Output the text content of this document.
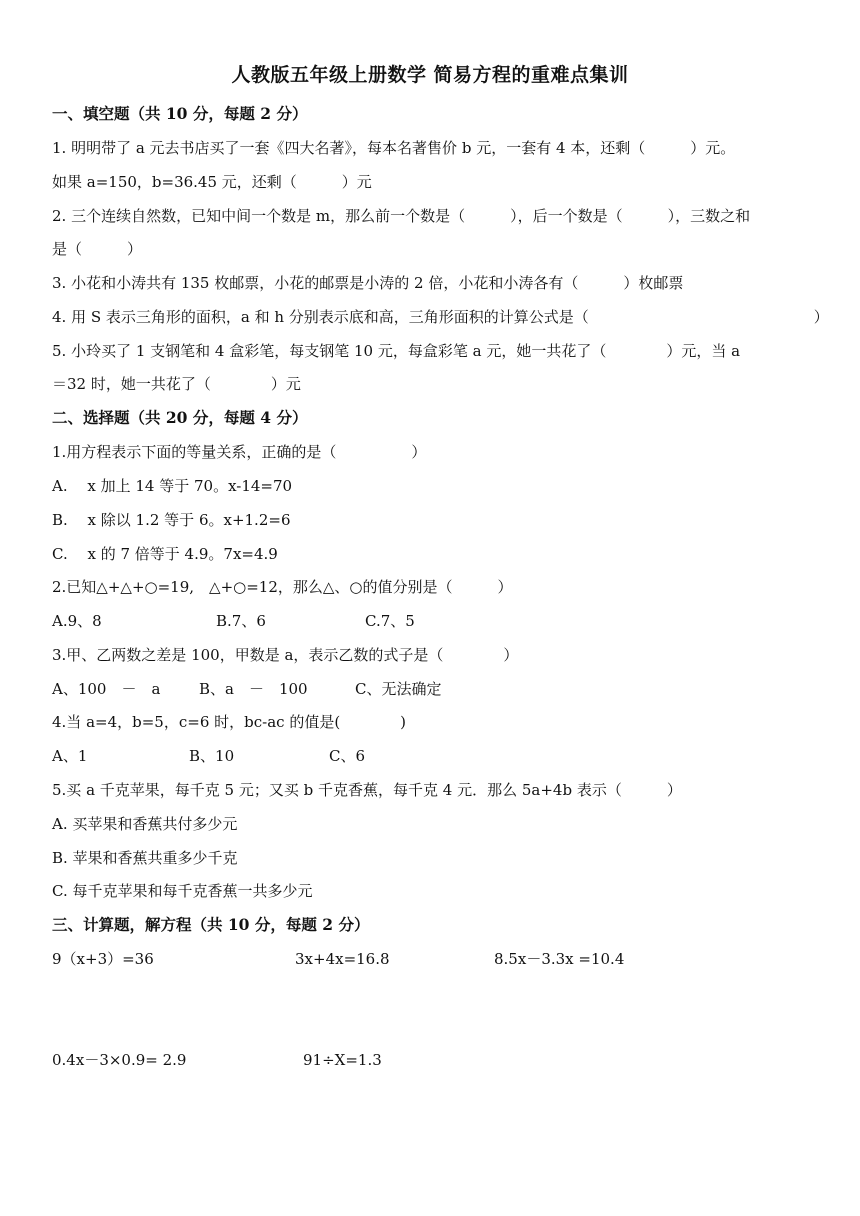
人教版五年级上册数学 简易方程的重难点集训
一、填空题（共 10 分，每题 2 分）
1. 明明带了 a 元去书店买了一套《四大名著》，每本名著售价 b 元，一套有 4 本，还剩（　　　）元。
如果 a=150，b=36.45 元，还剩（　　　）元
2. 三个连续自然数，已知中间一个数是 m，那么前一个数是（　　　），后一个数是（　　　），三数之和
是（　　　）
3. 小花和小涛共有 135 枚邮票，小花的邮票是小涛的 2 倍，小花和小涛各有（　　　）枚邮票
4. 用 S 表示三角形的面积，a 和 h 分别表示底和高，三角形面积的计算公式是（　　　　　　　　　　　　　　　）
5. 小玲买了 1 支钢笔和 4 盒彩笔，每支钢笔 10 元，每盒彩笔 a 元，她一共花了（　　　　）元，当 a
＝32 时，她一共花了（　　　　）元
二、选择题（共 20 分，每题 4 分）
1.用方程表示下面的等量关系，正确的是（　　　　　）
A.　 x 加上 14 等于 70。x-14=70
B.　 x 除以 1.2 等于 6。x+1.2=6
C.　 x 的 7 倍等于 4.9。7x=4.9
2.已知△+△+○=19,　△+○=12，那么△、○的值分别是（　　　）
A.9、8	B.7、6	C.7、5
3.甲、乙两数之差是 100，甲数是 a，表示乙数的式子是（　　　　）
A、100　－　a	B、a　－　100	C、无法确定
4.当 a=4，b=5，c=6 时，bc-ac 的值是(　　　　)
A、1	B、10	C、6
5.买 a 千克苹果，每千克 5 元；又买 b 千克香蕉，每千克 4 元．那么 5a+4b 表示（　　　）
A. 买苹果和香蕉共付多少元
B. 苹果和香蕉共重多少千克
C. 每千克苹果和每千克香蕉一共多少元
三、计算题，解方程（共 10 分，每题 2 分）
9（x+3）=36	3x+4x=16.8	8.5x－3.3x =10.4
0.4x－3×0.9= 2.9	91÷X=1.3
